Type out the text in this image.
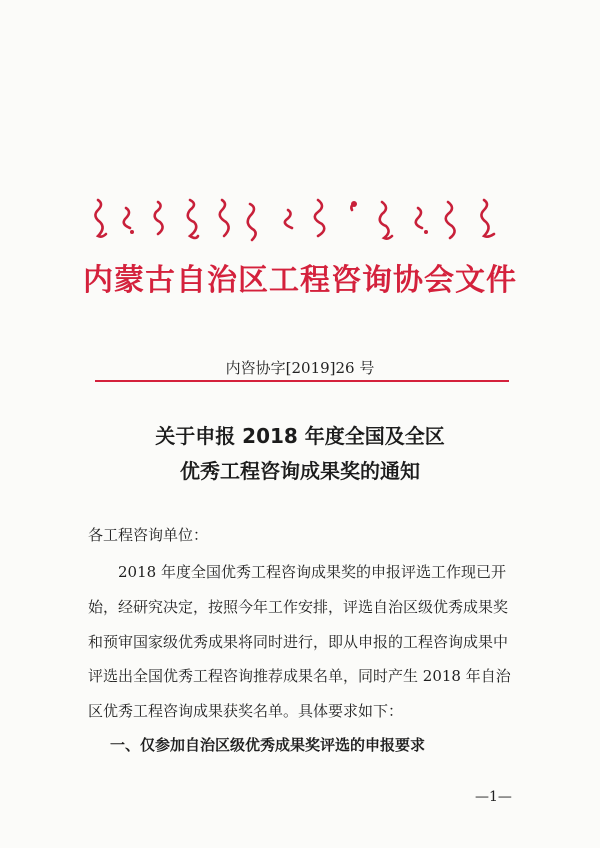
内蒙古自治区工程咨询协会文件
内咨协字[2019]26 号
关于申报 2018 年度全国及全区
优秀工程咨询成果奖的通知
各工程咨询单位：
　　2018 年度全国优秀工程咨询成果奖的申报评选工作现已开
始，经研究决定，按照今年工作安排，评选自治区级优秀成果奖
和预审国家级优秀成果将同时进行，即从申报的工程咨询成果中
评选出全国优秀工程咨询推荐成果名单，同时产生 2018 年自治
区优秀工程咨询成果获奖名单。具体要求如下：
一、仅参加自治区级优秀成果奖评选的申报要求
—1—
